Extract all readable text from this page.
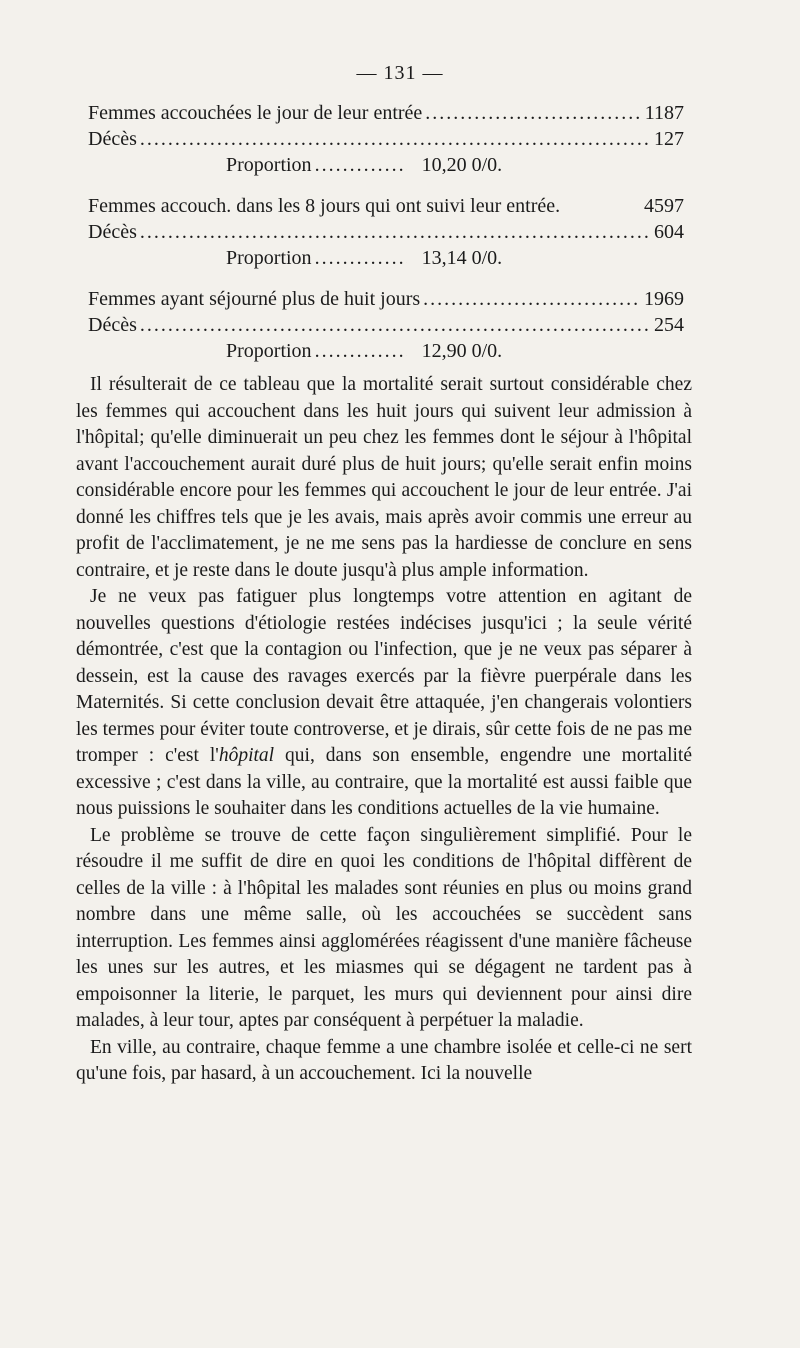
— 131 —
Femmes accouchées le jour de leur entrée .....	1187
Décès .....	127
Proportion .....	10,20 0/0.
Femmes accouch. dans les 8 jours qui ont suivi leur entrée.	4597
Décès .....	604
Proportion .....	13,14 0/0.
Femmes ayant séjourné plus de huit jours .....	1969
Décès .....	254
Proportion .....	12,90 0/0.

Il résulterait de ce tableau que la mortalité serait surtout considérable chez les femmes qui accouchent dans les huit jours qui suivent leur admission à l'hôpital; qu'elle diminuerait un peu chez les femmes dont le séjour à l'hôpital avant l'accouchement aurait duré plus de huit jours; qu'elle serait enfin moins considérable encore pour les femmes qui accouchent le jour de leur entrée. J'ai donné les chiffres tels que je les avais, mais après avoir commis une erreur au profit de l'acclimatement, je ne me sens pas la hardiesse de conclure en sens contraire, et je reste dans le doute jusqu'à plus ample information.

Je ne veux pas fatiguer plus longtemps votre attention en agitant de nouvelles questions d'étiologie restées indécises jusqu'ici ; la seule vérité démontrée, c'est que la contagion ou l'infection, que je ne veux pas séparer à dessein, est la cause des ravages exercés par la fièvre puerpérale dans les Maternités. Si cette conclusion devait être attaquée, j'en changerais volontiers les termes pour éviter toute controverse, et je dirais, sûr cette fois de ne pas me tromper : c'est l'hôpital qui, dans son ensemble, engendre une mortalité excessive ; c'est dans la ville, au contraire, que la mortalité est aussi faible que nous puissions le souhaiter dans les conditions actuelles de la vie humaine.

Le problème se trouve de cette façon singulièrement simplifié. Pour le résoudre il me suffit de dire en quoi les conditions de l'hôpital diffèrent de celles de la ville : à l'hôpital les malades sont réunies en plus ou moins grand nombre dans une même salle, où les accouchées se succèdent sans interruption. Les femmes ainsi agglomérées réagissent d'une manière fâcheuse les unes sur les autres, et les miasmes qui se dégagent ne tardent pas à empoisonner la literie, le parquet, les murs qui deviennent pour ainsi dire malades, à leur tour, aptes par conséquent à perpétuer la maladie.

En ville, au contraire, chaque femme a une chambre isolée et celle-ci ne sert qu'une fois, par hasard, à un accouchement. Ici la nouvelle
